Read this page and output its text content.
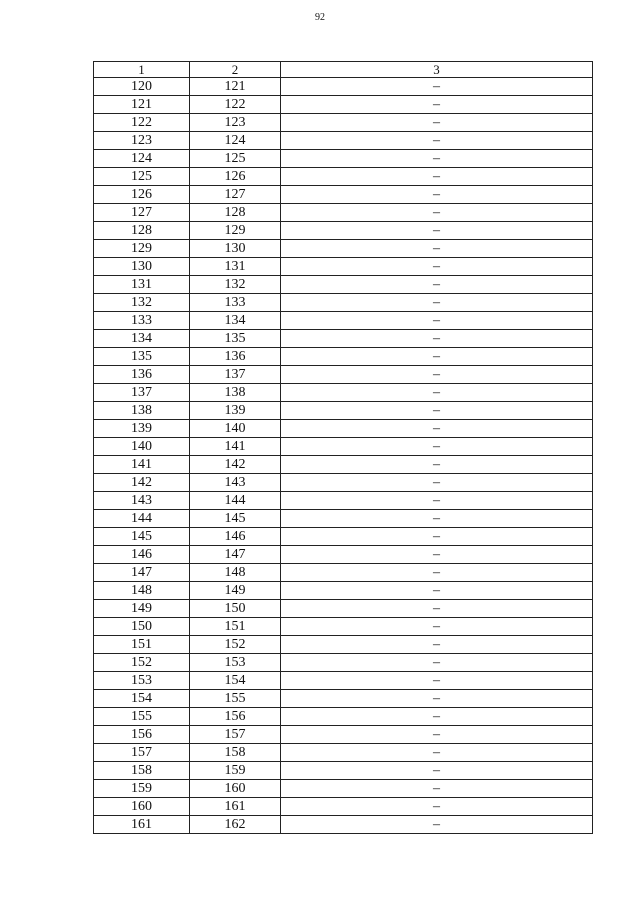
92
1	2	3
120	121	–
121	122	–
122	123	–
123	124	–
124	125	–
125	126	–
126	127	–
127	128	–
128	129	–
129	130	–
130	131	–
131	132	–
132	133	–
133	134	–
134	135	–
135	136	–
136	137	–
137	138	–
138	139	–
139	140	–
140	141	–
141	142	–
142	143	–
143	144	–
144	145	–
145	146	–
146	147	–
147	148	–
148	149	–
149	150	–
150	151	–
151	152	–
152	153	–
153	154	–
154	155	–
155	156	–
156	157	–
157	158	–
158	159	–
159	160	–
160	161	–
161	162	–
